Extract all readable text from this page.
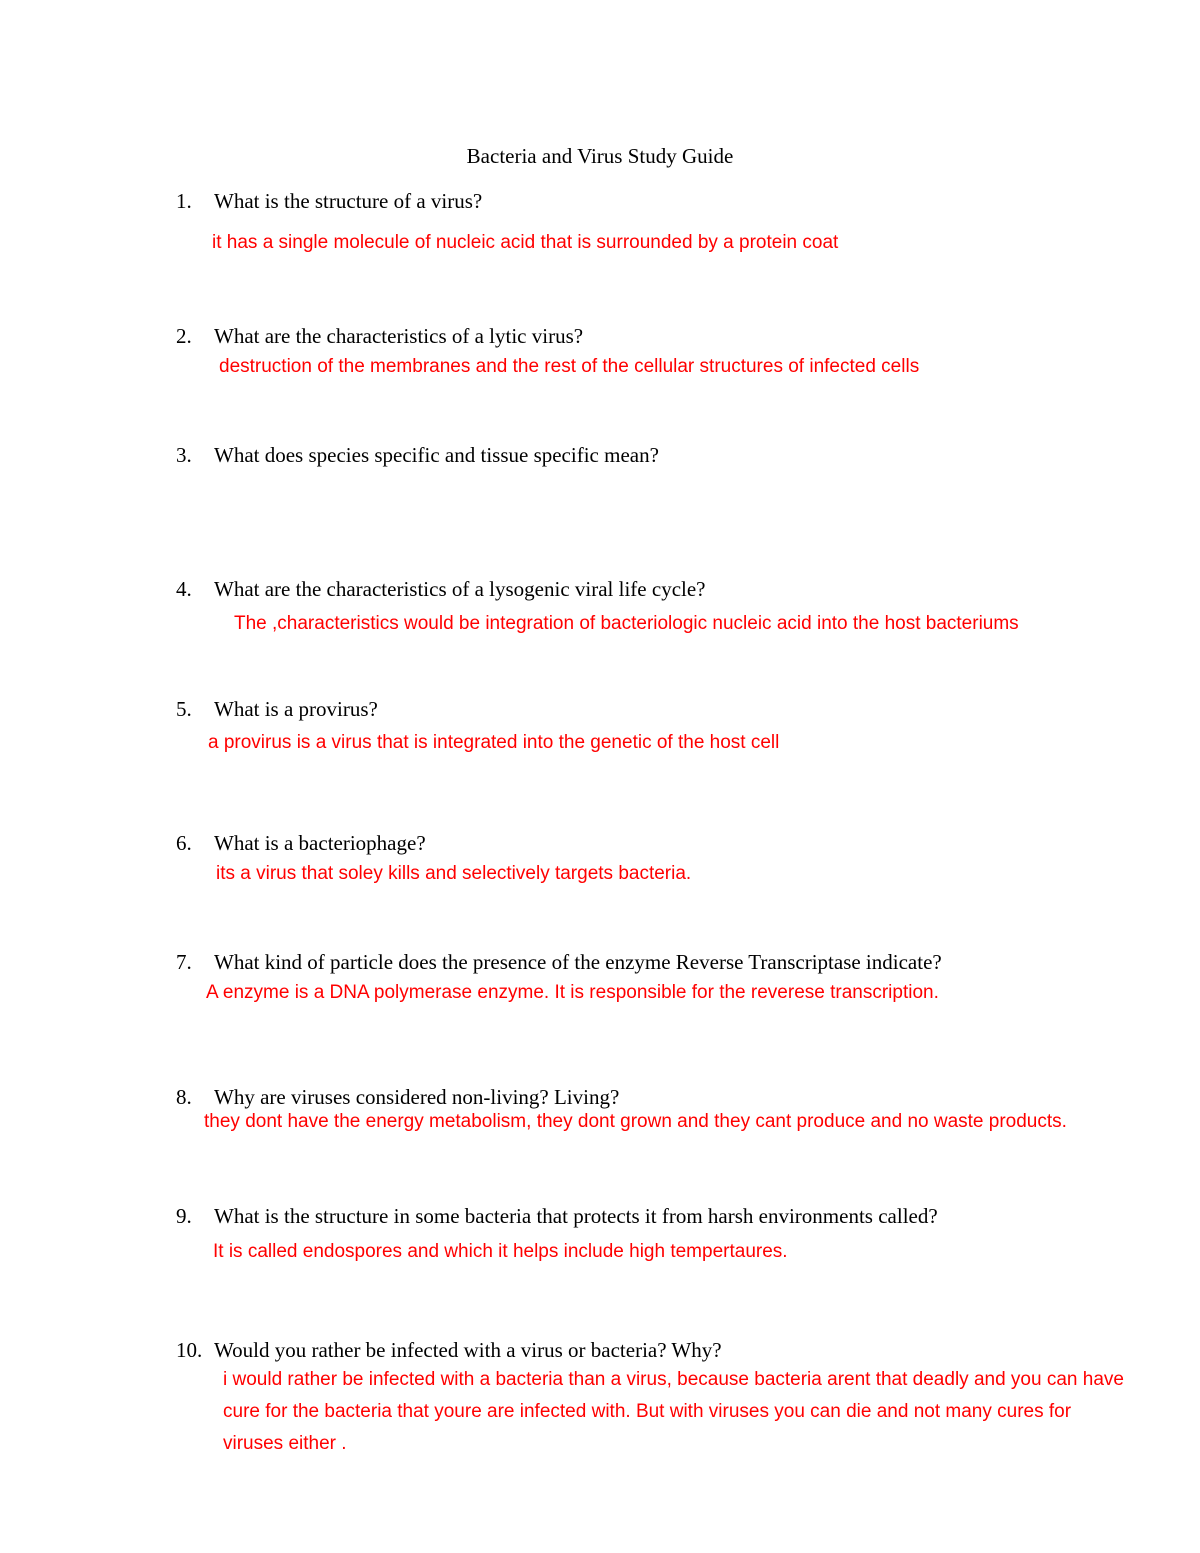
Bacteria and Virus Study Guide
1. What is the structure of a virus?
it has a single molecule of nucleic acid that is surrounded by a protein coat
2. What are the characteristics of a lytic virus?
destruction of the membranes and the rest of the cellular structures of infected cells
3. What does species specific and tissue specific mean?
4. What are the characteristics of a lysogenic viral life cycle?
The ,characteristics would be integration of bacteriologic nucleic acid into the host bacteriums
5. What is a provirus?
a provirus is a virus that is integrated into the genetic of the host cell
6. What is a bacteriophage?
its a virus that soley kills and selectively targets bacteria.
7. What kind of particle does the presence of the enzyme Reverse Transcriptase indicate?
A enzyme is a DNA polymerase enzyme. It is responsible for the reverese transcription.
8. Why are viruses considered non-living? Living?
they dont have the energy metabolism, they dont grown and they cant produce and no waste products.
9. What is the structure in some bacteria that protects it from harsh environments called?
It is called endospores and which it helps include high tempertaures.
10. Would you rather be infected with a virus or bacteria? Why?
i would rather be infected with a bacteria than a virus, because bacteria arent that deadly and you can have
cure for the bacteria that youre are infected with. But with viruses you can die and not many cures for
viruses either .
